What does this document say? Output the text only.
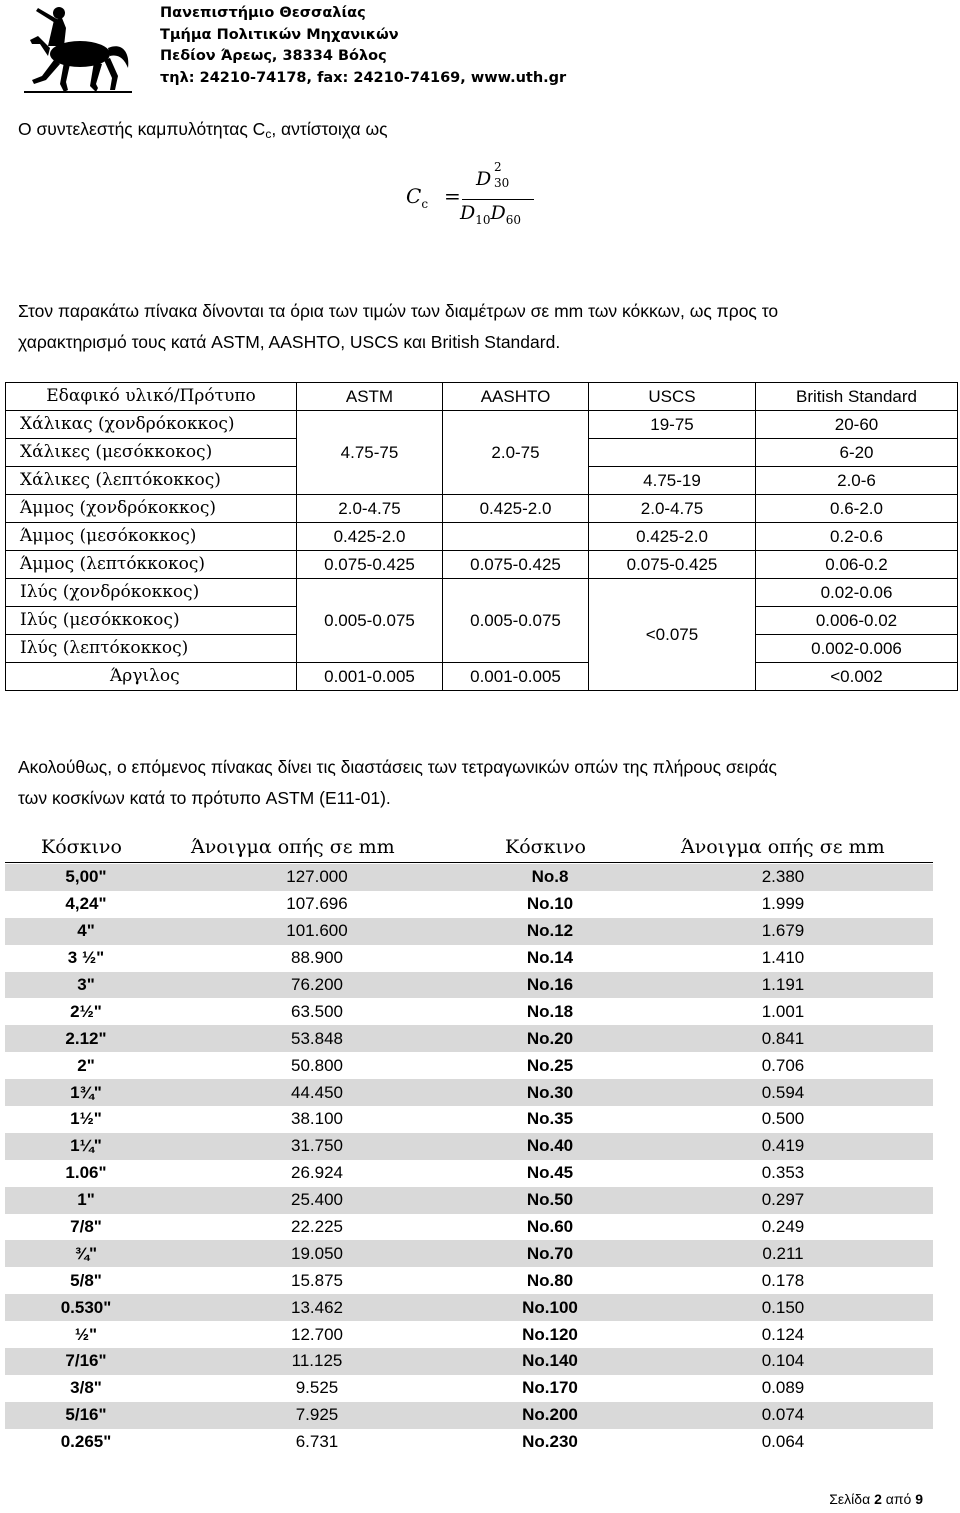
Πανεπιστήμιο Θεσσαλίας
Τμήμα Πολιτικών Μηχανικών
Πεδίον Άρεως, 38334 Βόλος
τηλ: 24210-74178, fax: 24210-74169, www.uth.gr
Ο συντελεστής καμπυλότητας $C_c$, αντίστοιχα ως
$C_c$ =
D
2
30
$D_{10}D_{60}$
Στον παρακάτω πίνακα δίνονται τα όρια των τιμών των διαμέτρων σε mm των κόκκων, ως προς το
χαρακτηρισμό τους κατά ASTM, AASHTO, USCS και British Standard.
Εδαφικό υλικό/Πρότυπο	ASTM	AASHTO	USCS	British Standard
Χάλικας (χονδρόκοκκος)	4.75-75	2.0-75	19-75	20-60
Χάλικες (μεσόκκοκος)				6-20
Χάλικες (λεπτόκοκκος)			4.75-19	2.0-6
Άμμος (χονδρόκοκκος)	2.0-4.75	0.425-2.0	2.0-4.75	0.6-2.0
Άμμος (μεσόκοκκος)	0.425-2.0		0.425-2.0	0.2-0.6
Άμμος (λεπτόκκοκος)	0.075-0.425	0.075-0.425	0.075-0.425	0.06-0.2
Ιλύς (χονδρόκοκκος)	0.005-0.075	0.005-0.075	<0.075	0.02-0.06
Ιλύς (μεσόκκοκος)				0.006-0.02
Ιλύς (λεπτόκοκκος)				0.002-0.006
Άργιλος	0.001-0.005	0.001-0.005		<0.002
Ακολούθως, ο επόμενος πίνακας δίνει τις διαστάσεις των τετραγωνικών οπών της πλήρους σειράς
των κοσκίνων κατά το πρότυπο ASTM (Ε11-01).
Κόσκινο	Άνοιγμα οπής σε mm	Κόσκινο	Άνοιγμα οπής σε mm
5,00"	127.000	No.8	2.380
4,24"	107.696	No.10	1.999
4"	101.600	No.12	1.679
3 ½"	88.900	No.14	1.410
3"	76.200	No.16	1.191
2½"	63.500	No.18	1.001
2.12"	53.848	No.20	0.841
2"	50.800	No.25	0.706
1¾"	44.450	No.30	0.594
1½"	38.100	No.35	0.500
1¼"	31.750	No.40	0.419
1.06"	26.924	No.45	0.353
1"	25.400	No.50	0.297
7/8"	22.225	No.60	0.249
¾"	19.050	No.70	0.211
5/8"	15.875	No.80	0.178
0.530"	13.462	No.100	0.150
½"	12.700	No.120	0.124
7/16"	11.125	No.140	0.104
3/8"	9.525	No.170	0.089
5/16"	7.925	No.200	0.074
0.265"	6.731	No.230	0.064
Σελίδα 2 από 9
